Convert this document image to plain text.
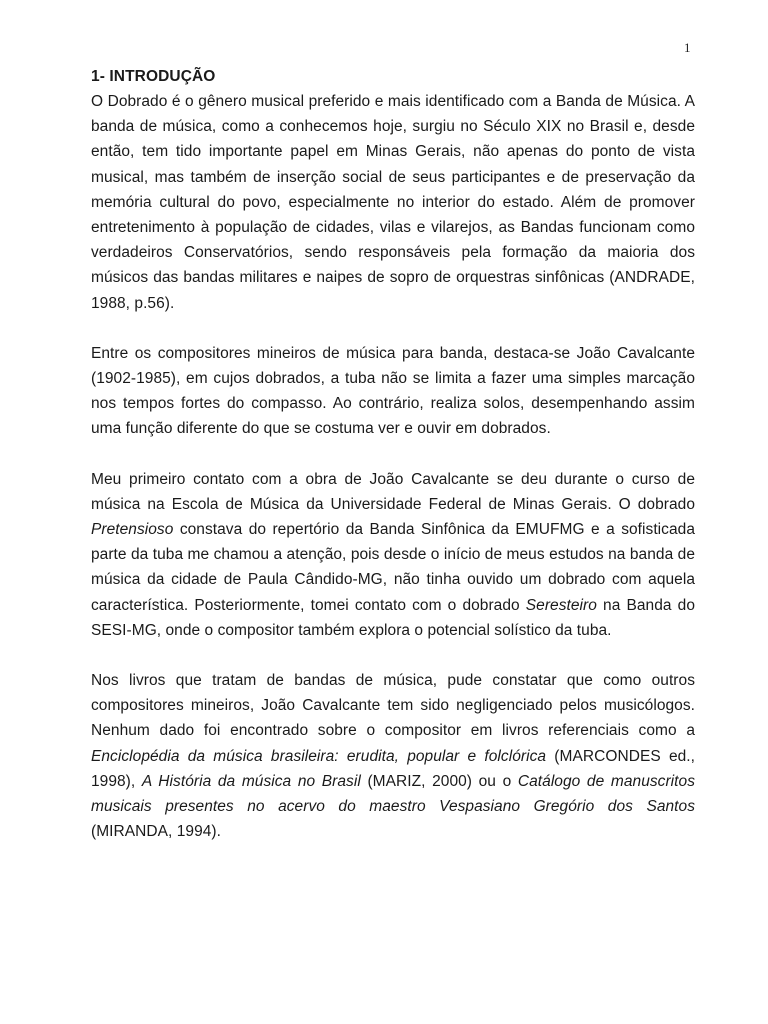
1
1- INTRODUÇÃO

O Dobrado é o gênero musical preferido e mais identificado com a Banda de Música. A banda de música, como a conhecemos hoje, surgiu no Século XIX no Brasil e, desde então, tem tido importante papel em Minas Gerais, não apenas do ponto de vista musical, mas também de inserção social de seus participantes e de preservação da memória cultural do povo, especialmente no interior do estado. Além de promover entretenimento à população de cidades, vilas e vilarejos, as Bandas funcionam como verdadeiros Conservatórios, sendo responsáveis pela formação da maioria dos músicos das bandas militares e naipes de sopro de orquestras sinfônicas (ANDRADE, 1988, p.56).

Entre os compositores mineiros de música para banda, destaca-se João Cavalcante (1902-1985), em cujos dobrados, a tuba não se limita a fazer uma simples marcação nos tempos fortes do compasso. Ao contrário, realiza solos, desempenhando assim uma função diferente do que se costuma ver e ouvir em dobrados.

Meu primeiro contato com a obra de João Cavalcante se deu durante o curso de música na Escola de Música da Universidade Federal de Minas Gerais. O dobrado Pretensioso constava do repertório da Banda Sinfônica da EMUFMG e a sofisticada parte da tuba me chamou a atenção, pois desde o início de meus estudos na banda de música da cidade de Paula Cândido-MG, não tinha ouvido um dobrado com aquela característica. Posteriormente, tomei contato com o dobrado Seresteiro na Banda do SESI-MG, onde o compositor também explora o potencial solístico da tuba.

Nos livros que tratam de bandas de música, pude constatar que como outros compositores mineiros, João Cavalcante tem sido negligenciado pelos musicólogos. Nenhum dado foi encontrado sobre o compositor em livros referenciais como a Enciclopédia da música brasileira: erudita, popular e folclórica (MARCONDES ed., 1998), A História da música no Brasil (MARIZ, 2000) ou o Catálogo de manuscritos musicais presentes no acervo do maestro Vespasiano Gregório dos Santos (MIRANDA, 1994).
